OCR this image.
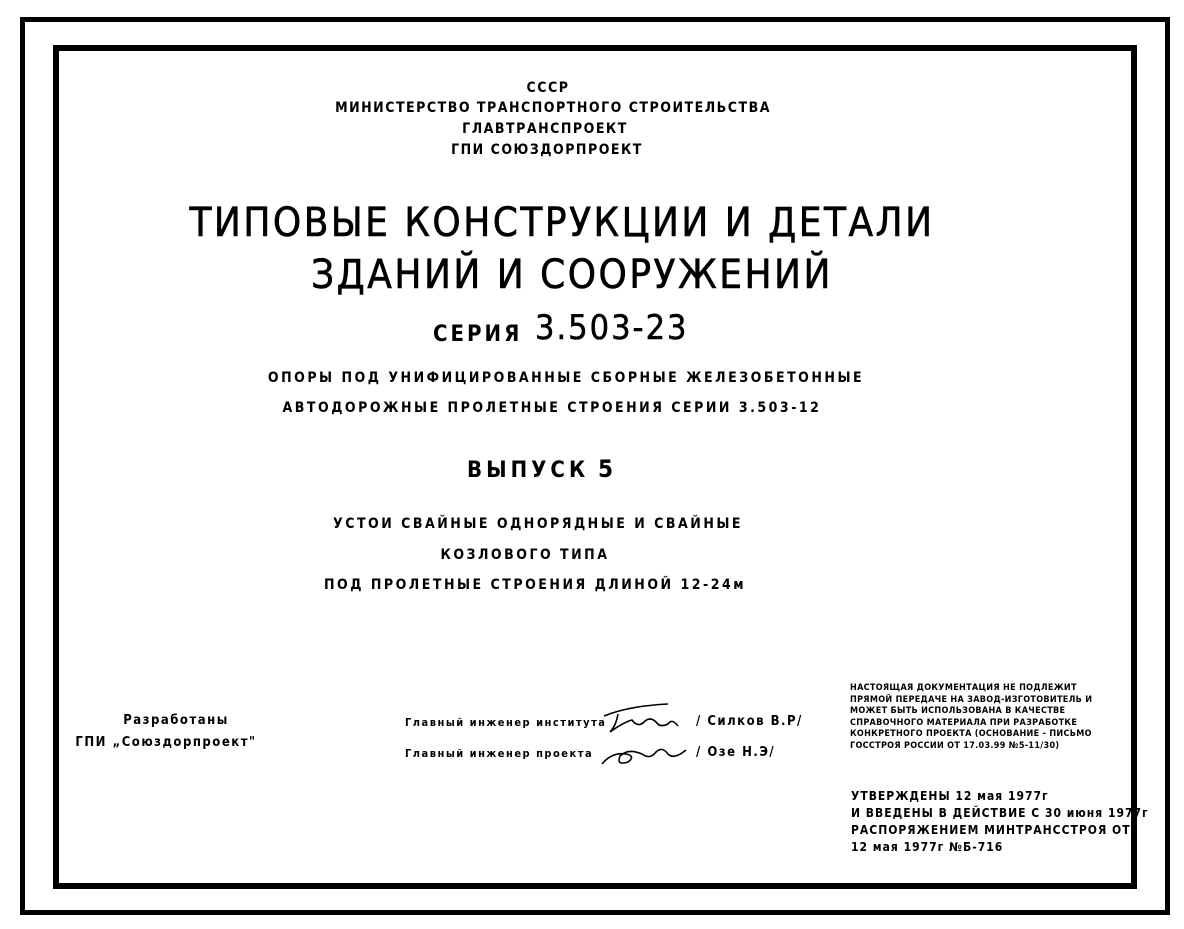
СССР
МИНИСТЕРСТВО ТРАНСПОРТНОГО СТРОИТЕЛЬСТВА
ГЛАВТРАНСПРОЕКТ
ГПИ СОЮЗДОРПРОЕКТ
ТИПОВЫЕ КОНСТРУКЦИИ И ДЕТАЛИ
ЗДАНИЙ И СООРУЖЕНИЙ
СЕРИЯ 3.503-23
ОПОРЫ ПОД УНИФИЦИРОВАННЫЕ СБОРНЫЕ ЖЕЛЕЗОБЕТОННЫЕ
АВТОДОРОЖНЫЕ ПРОЛЕТНЫЕ СТРОЕНИЯ СЕРИИ 3.503-12
ВЫПУСК 5
УСТОИ СВАЙНЫЕ ОДНОРЯДНЫЕ И СВАЙНЫЕ
КОЗЛОВОГО ТИПА
ПОД ПРОЛЕТНЫЕ СТРОЕНИЯ ДЛИНОЙ 12-24м
Разработаны
ГПИ „Союздорпроект"
Главный инженер института	/ Силков В.Р/
Главный инженер проекта	/ Озе Н.Э/
НАСТОЯЩАЯ ДОКУМЕНТАЦИЯ НЕ ПОДЛЕЖИТ
ПРЯМОЙ ПЕРЕДАЧЕ НА ЗАВОД-ИЗГОТОВИТЕЛЬ И
МОЖЕТ БЫТЬ ИСПОЛЬЗОВАНА В КАЧЕСТВЕ
СПРАВОЧНОГО МАТЕРИАЛА ПРИ РАЗРАБОТКЕ
КОНКРЕТНОГО ПРОЕКТА (ОСНОВАНИЕ - ПИСЬМО
ГОССТРОЯ РОССИИ ОТ 17.03.99 №5-11/30)
УТВЕРЖДЕНЫ 12 мая 1977г
И ВВЕДЕНЫ В ДЕЙСТВИЕ С 30 июня 1977г
РАСПОРЯЖЕНИЕМ МИНТРАНССТРОЯ ОТ
12 мая 1977г №Б-716
